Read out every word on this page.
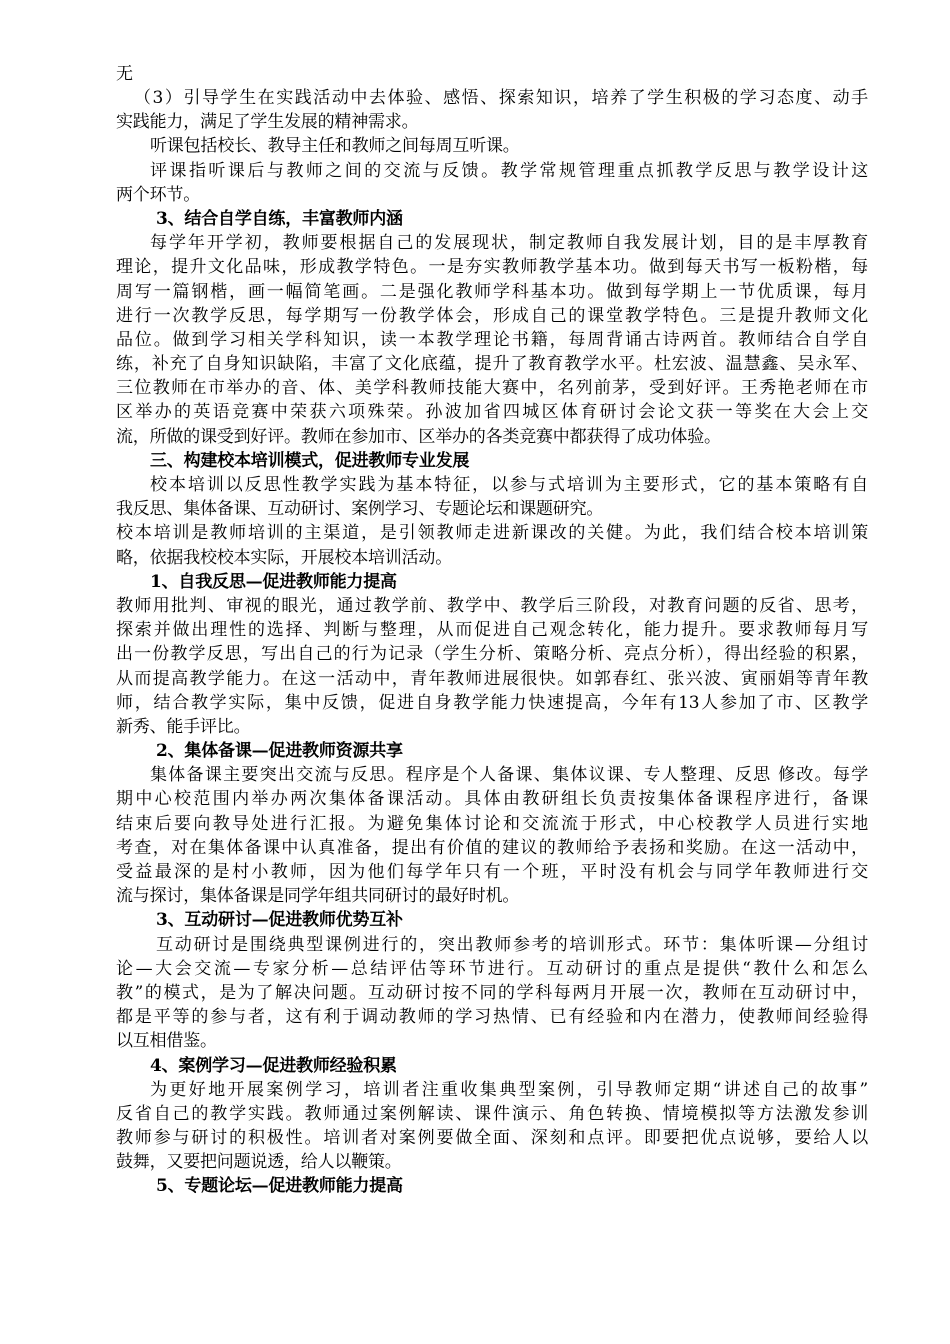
无
（3）引导学生在实践活动中去体验、感悟、探索知识，培养了学生积极的学习态度、动手
实践能力，满足了学生发展的精神需求。
听课包括校长、教导主任和教师之间每周互听课。
评课指听课后与教师之间的交流与反馈。教学常规管理重点抓教学反思与教学设计这
两个环节。
3、结合自学自练，丰富教师内涵
每学年开学初，教师要根据自己的发展现状，制定教师自我发展计划，目的是丰厚教育
理论，提升文化品味，形成教学特色。一是夯实教师教学基本功。做到每天书写一板粉楷，每
周写一篇钢楷，画一幅简笔画。二是强化教师学科基本功。做到每学期上一节优质课，每月
进行一次教学反思，每学期写一份教学体会，形成自己的课堂教学特色。三是提升教师文化
品位。做到学习相关学科知识，读一本教学理论书籍，每周背诵古诗两首。教师结合自学自
练，补充了自身知识缺陷，丰富了文化底蕴，提升了教育教学水平。杜宏波、温慧鑫、吴永军、
三位教师在市举办的音、体、美学科教师技能大赛中，名列前茅，受到好评。王秀艳老师在市
区举办的英语竞赛中荣获六项殊荣。孙波加省四城区体育研讨会论文获一等奖在大会上交
流，所做的课受到好评。教师在参加市、区举办的各类竞赛中都获得了成功体验。
三、构建校本培训模式，促进教师专业发展
校本培训以反思性教学实践为基本特征，以参与式培训为主要形式，它的基本策略有自
我反思、集体备课、互动研讨、案例学习、专题论坛和课题研究。
校本培训是教师培训的主渠道，是引领教师走进新课改的关健。为此，我们结合校本培训策
略，依据我校校本实际，开展校本培训活动。
1、自我反思—促进教师能力提高
教师用批判、审视的眼光，通过教学前、教学中、教学后三阶段，对教育问题的反省、思考，
探索并做出理性的选择、判断与整理，从而促进自己观念转化，能力提升。要求教师每月写
出一份教学反思，写出自己的行为记录（学生分析、策略分析、亮点分析），得出经验的积累，
从而提高教学能力。在这一活动中，青年教师进展很快。如郭春红、张兴波、寅丽娟等青年教
师，结合教学实际，集中反馈，促进自身教学能力快速提高，今年有13人参加了市、区教学
新秀、能手评比。
2、集体备课—促进教师资源共享
集体备课主要突出交流与反思。程序是个人备课、集体议课、专人整理、反思 修改。每学
期中心校范围内举办两次集体备课活动。具体由教研组长负责按集体备课程序进行，备课
结束后要向教导处进行汇报。为避免集体讨论和交流流于形式，中心校教学人员进行实地
考查，对在集体备课中认真准备，提出有价值的建议的教师给予表扬和奖励。在这一活动中，
受益最深的是村小教师，因为他们每学年只有一个班，平时没有机会与同学年教师进行交
流与探讨，集体备课是同学年组共同研讨的最好时机。
3、互动研讨—促进教师优势互补
互动研讨是围绕典型课例进行的，突出教师参考的培训形式。环节：集体听课—分组讨
论—大会交流—专家分析—总结评估等环节进行。互动研讨的重点是提供“教什么和怎么
教”的模式，是为了解决问题。互动研讨按不同的学科每两月开展一次，教师在互动研讨中，
都是平等的参与者，这有利于调动教师的学习热情、已有经验和内在潜力，使教师间经验得
以互相借鉴。
4、案例学习—促进教师经验积累
为更好地开展案例学习，培训者注重收集典型案例，引导教师定期“讲述自己的故事”
反省自己的教学实践。教师通过案例解读、课件演示、角色转换、情境模拟等方法激发参训
教师参与研讨的积极性。培训者对案例要做全面、深刻和点评。即要把优点说够，要给人以
鼓舞，又要把问题说透，给人以鞭策。
5、专题论坛—促进教师能力提高
